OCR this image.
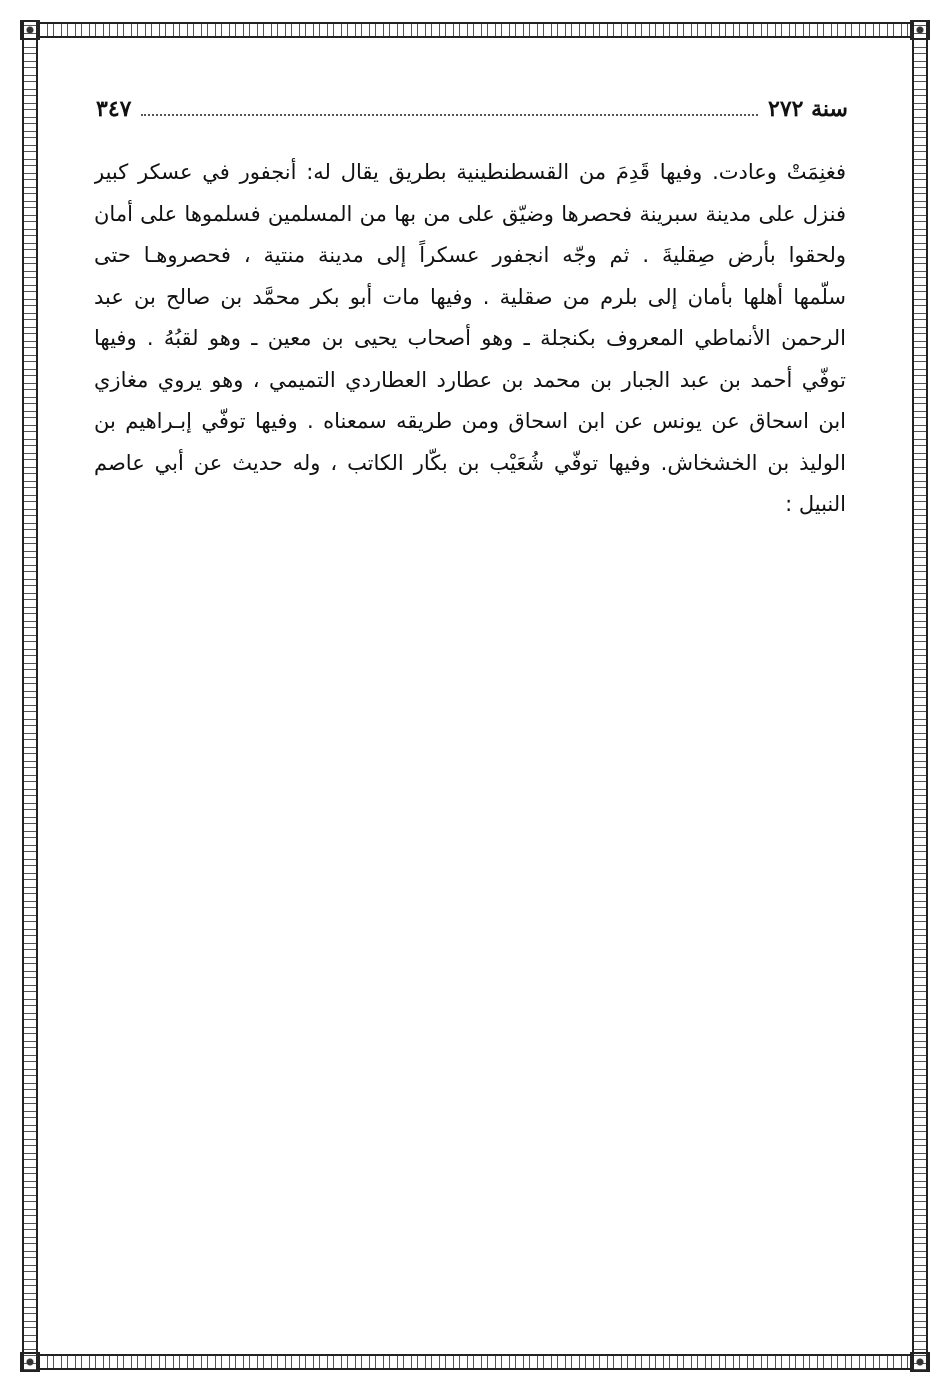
سنة ٢٧٢
٣٤٧
فغنِمَتْ وعادت. وفيها قَدِمَ من القسطنطينية بطريق يقال له: أنجفور في عسكر كبير
فنزل على مدينة سبرينة فحصرها وضيّق على من بها من المسلمين فسلموها على أمان
ولحقوا بأرض صِقليةَ . ثم وجّه انجفور عسكراً إلى مدينة منتية ، فحصروهـا حتى
سلّمها أهلها بأمان إلى بلرم من صقلية . وفيها مات أبو بكر محمَّد بن صالح بن عبد
الرحمن الأنماطي المعروف بكنجلة ـ وهو أصحاب يحيى بن معين ـ وهو لقبُهُ . وفيها
توفّي أحمد بن عبد الجبار بن محمد بن عطارد العطاردي التميمي ، وهو يروي مغازي
ابن اسحاق عن يونس عن ابن اسحاق ومن طريقه سمعناه . وفيها توفّي إبـراهيم بن
الوليذ بن الخشخاش. وفيها توفّي شُعَيْب بن بكّار الكاتب ، وله حديث عن أبي عاصم
النبيل :
